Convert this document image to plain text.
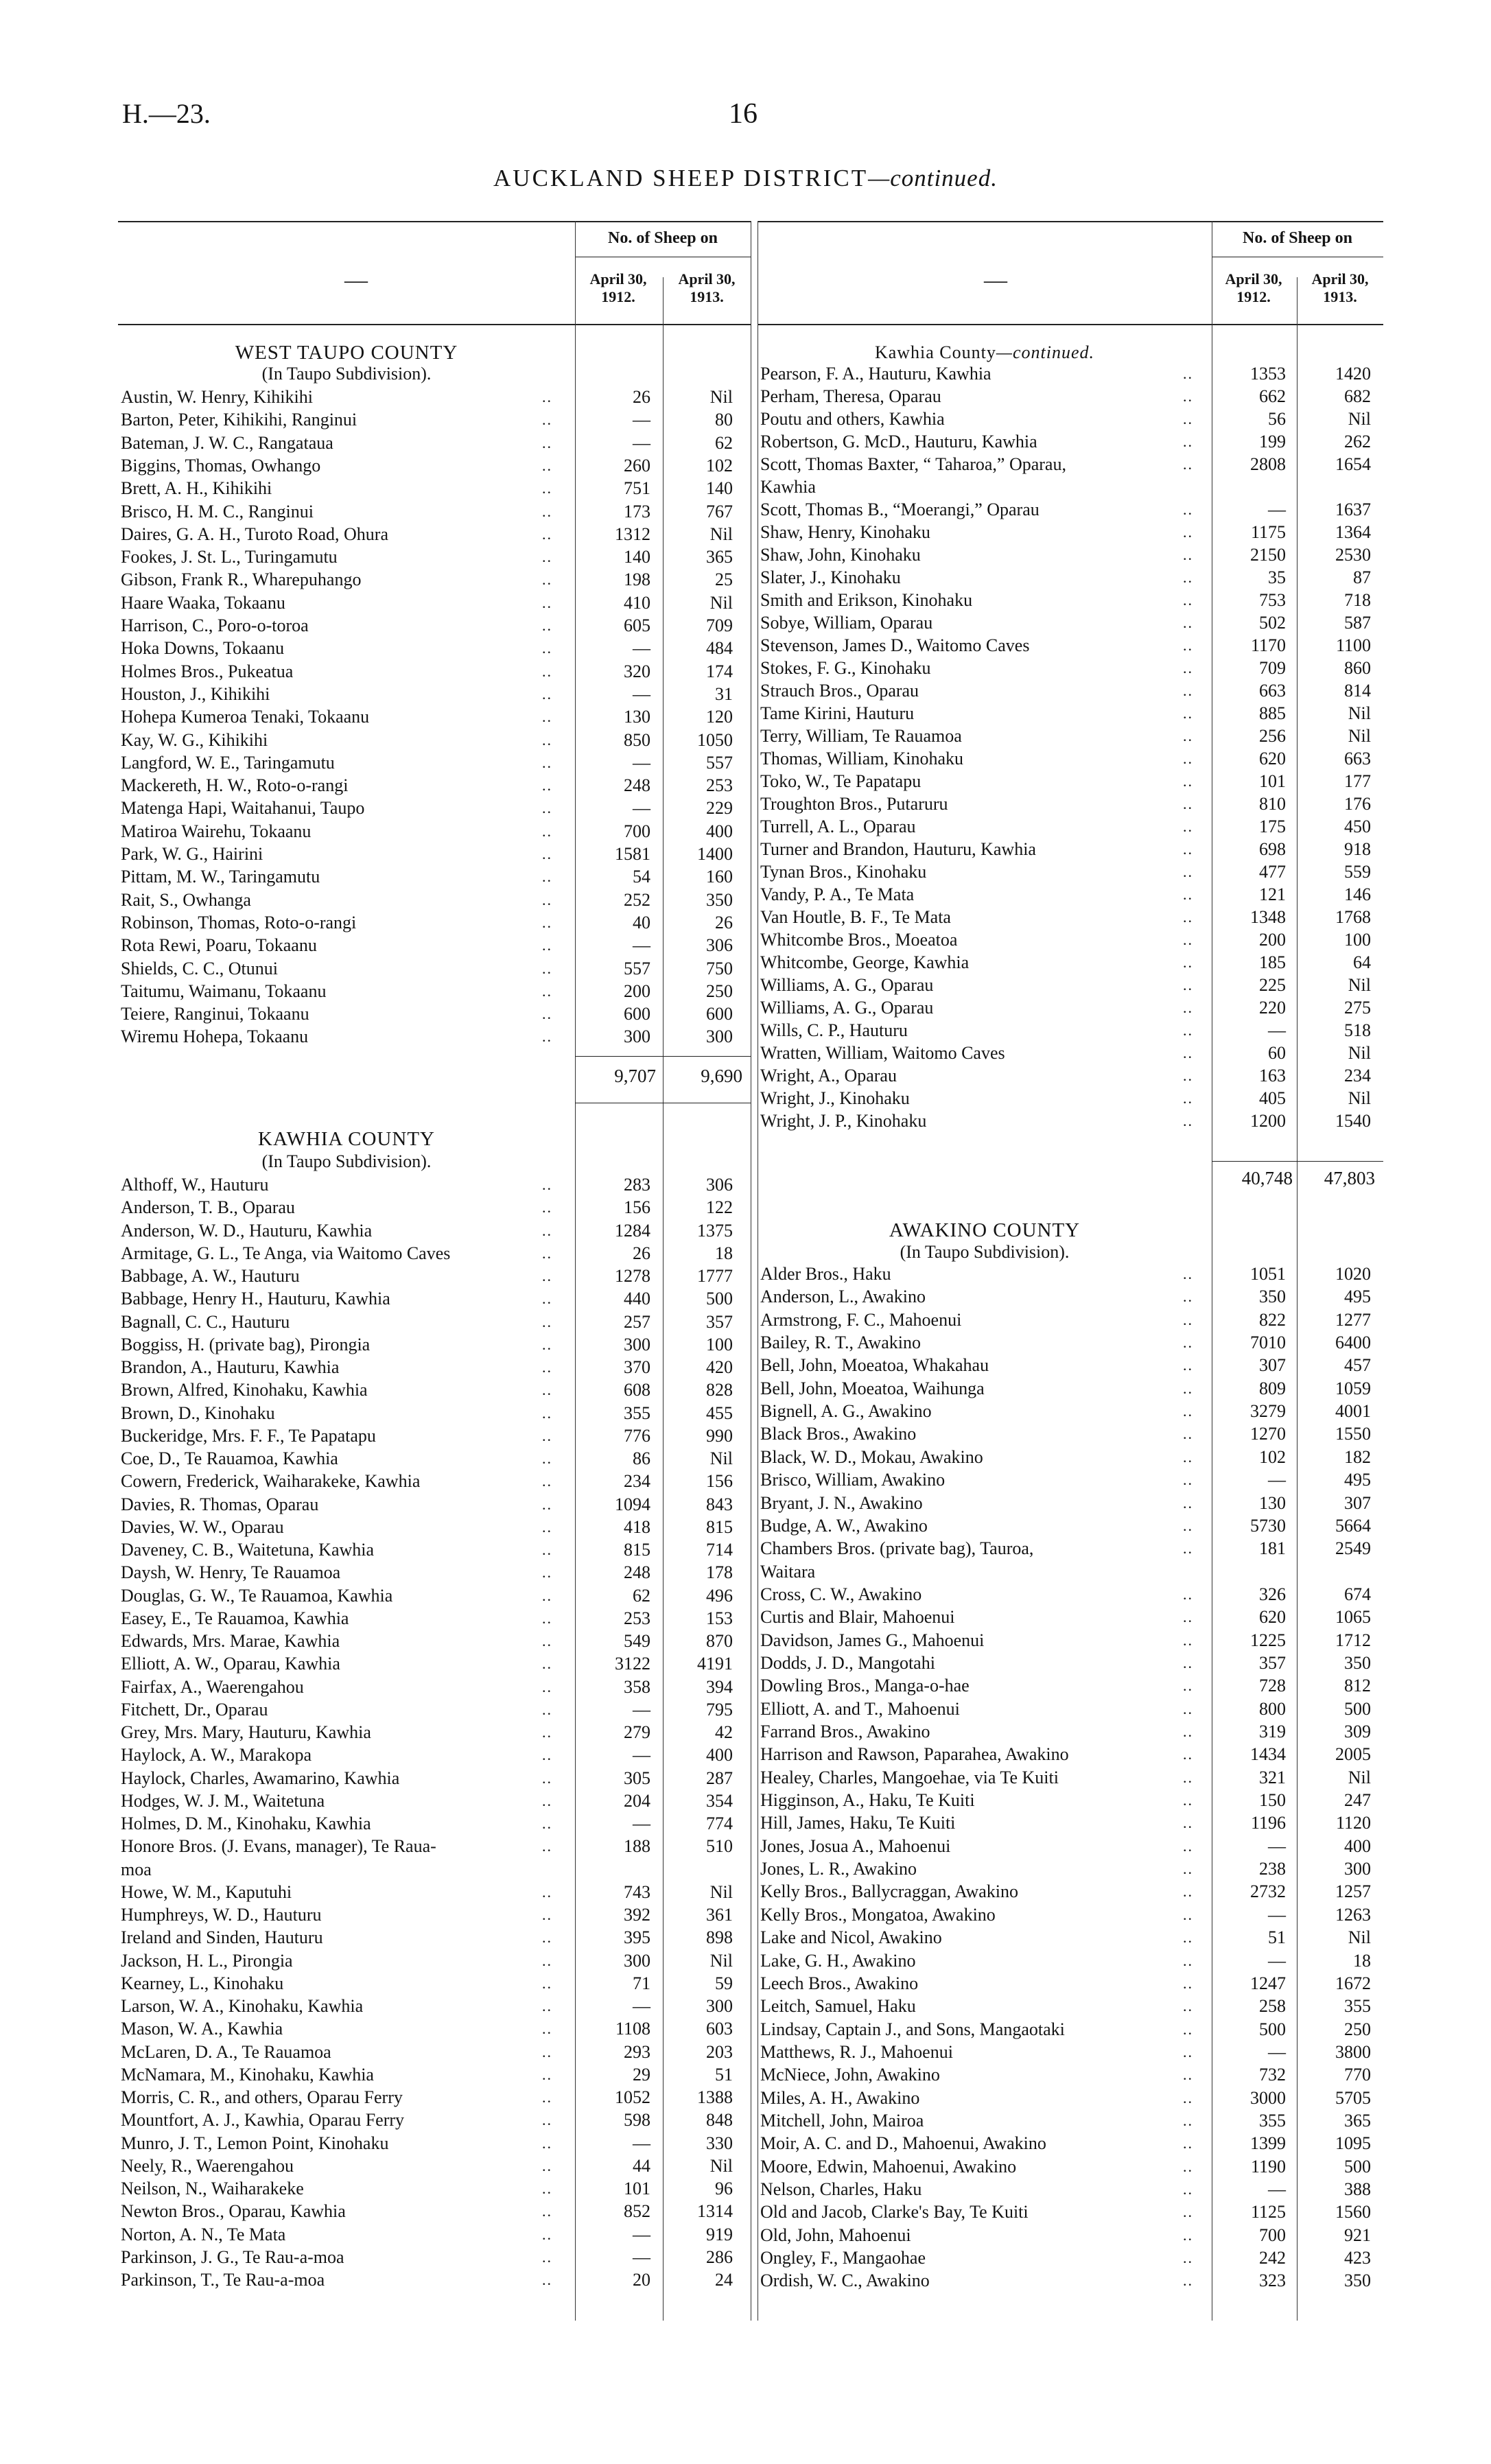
H.—23.	16
AUCKLAND SHEEP DISTRICT—continued.
—
No. of Sheep on
April 30,
1912.
April 30,
1913.
WEST TAUPO COUNTY
(In Taupo Subdivision).
Austin, W. Henry, Kihikihi	..	26	Nil
Barton, Peter, Kihikihi, Ranginui	..	—	80
Bateman, J. W. C., Rangataua	..	—	62
Biggins, Thomas, Owhango	..	260	102
Brett, A. H., Kihikihi	..	751	140
Brisco, H. M. C., Ranginui	..	173	767
Daires, G. A. H., Turoto Road, Ohura	..	1312	Nil
Fookes, J. St. L., Turingamutu	..	140	365
Gibson, Frank R., Wharepuhango	..	198	25
Haare Waaka, Tokaanu	..	410	Nil
Harrison, C., Poro-o-toroa	..	605	709
Hoka Downs, Tokaanu	..	—	484
Holmes Bros., Pukeatua	..	320	174
Houston, J., Kihikihi	..	—	31
Hohepa Kumeroa Tenaki, Tokaanu	..	130	120
Kay, W. G., Kihikihi	..	850	1050
Langford, W. E., Taringamutu	..	—	557
Mackereth, H. W., Roto-o-rangi	..	248	253
Matenga Hapi, Waitahanui, Taupo	..	—	229
Matiroa Wairehu, Tokaanu	..	700	400
Park, W. G., Hairini	..	1581	1400
Pittam, M. W., Taringamutu	..	54	160
Rait, S., Owhanga	..	252	350
Robinson, Thomas, Roto-o-rangi	..	40	26
Rota Rewi, Poaru, Tokaanu	..	—	306
Shields, C. C., Otunui	..	557	750
Taitumu, Waimanu, Tokaanu	..	200	250
Teiere, Ranginui, Tokaanu	..	600	600
Wiremu Hohepa, Tokaanu	..	300	300
9,707	9,690
KAWHIA COUNTY
(In Taupo Subdivision).
Althoff, W., Hauturu	..	283	306
Anderson, T. B., Oparau	..	156	122
Anderson, W. D., Hauturu, Kawhia	..	1284	1375
Armitage, G. L., Te Anga, via Waitomo Caves	..	26	18
Babbage, A. W., Hauturu	..	1278	1777
Babbage, Henry H., Hauturu, Kawhia	..	440	500
Bagnall, C. C., Hauturu	..	257	357
Boggiss, H. (private bag), Pirongia	..	300	100
Brandon, A., Hauturu, Kawhia	..	370	420
Brown, Alfred, Kinohaku, Kawhia	..	608	828
Brown, D., Kinohaku	..	355	455
Buckeridge, Mrs. F. F., Te Papatapu	..	776	990
Coe, D., Te Rauamoa, Kawhia	..	86	Nil
Cowern, Frederick, Waiharakeke, Kawhia	..	234	156
Davies, R. Thomas, Oparau	..	1094	843
Davies, W. W., Oparau	..	418	815
Daveney, C. B., Waitetuna, Kawhia	..	815	714
Daysh, W. Henry, Te Rauamoa	..	248	178
Douglas, G. W., Te Rauamoa, Kawhia	..	62	496
Easey, E., Te Rauamoa, Kawhia	..	253	153
Edwards, Mrs. Marae, Kawhia	..	549	870
Elliott, A. W., Oparau, Kawhia	..	3122	4191
Fairfax, A., Waerengahou	..	358	394
Fitchett, Dr., Oparau	..	—	795
Grey, Mrs. Mary, Hauturu, Kawhia	..	279	42
Haylock, A. W., Marakopa	..	—	400
Haylock, Charles, Awamarino, Kawhia	..	305	287
Hodges, W. J. M., Waitetuna	..	204	354
Holmes, D. M., Kinohaku, Kawhia	..	—	774
Honore Bros. (J. Evans, manager), Te Raua-	..	188	510
moa
Howe, W. M., Kaputuhi	..	743	Nil
Humphreys, W. D., Hauturu	..	392	361
Ireland and Sinden, Hauturu	..	395	898
Jackson, H. L., Pirongia	..	300	Nil
Kearney, L., Kinohaku	..	71	59
Larson, W. A., Kinohaku, Kawhia	..	—	300
Mason, W. A., Kawhia	..	1108	603
McLaren, D. A., Te Rauamoa	..	293	203
McNamara, M., Kinohaku, Kawhia	..	29	51
Morris, C. R., and others, Oparau Ferry	..	1052	1388
Mountfort, A. J., Kawhia, Oparau Ferry	..	598	848
Munro, J. T., Lemon Point, Kinohaku	..	—	330
Neely, R., Waerengahou	..	44	Nil
Neilson, N., Waiharakeke	..	101	96
Newton Bros., Oparau, Kawhia	..	852	1314
Norton, A. N., Te Mata	..	—	919
Parkinson, J. G., Te Rau-a-moa	..	—	286
Parkinson, T., Te Rau-a-moa	..	20	24
—
No. of Sheep on
April 30,
1912.
April 30,
1913.
Kawhia County—continued.
Pearson, F. A., Hauturu, Kawhia	..	1353	1420
Perham, Theresa, Oparau	..	662	682
Poutu and others, Kawhia	..	56	Nil
Robertson, G. McD., Hauturu, Kawhia	..	199	262
Scott, Thomas Baxter, “ Taharoa,” Oparau,	..	2808	1654
Kawhia
Scott, Thomas B., “Moerangi,” Oparau	..	—	1637
Shaw, Henry, Kinohaku	..	1175	1364
Shaw, John, Kinohaku	..	2150	2530
Slater, J., Kinohaku	..	35	87
Smith and Erikson, Kinohaku	..	753	718
Sobye, William, Oparau	..	502	587
Stevenson, James D., Waitomo Caves	..	1170	1100
Stokes, F. G., Kinohaku	..	709	860
Strauch Bros., Oparau	..	663	814
Tame Kirini, Hauturu	..	885	Nil
Terry, William, Te Rauamoa	..	256	Nil
Thomas, William, Kinohaku	..	620	663
Toko, W., Te Papatapu	..	101	177
Troughton Bros., Putaruru	..	810	176
Turrell, A. L., Oparau	..	175	450
Turner and Brandon, Hauturu, Kawhia	..	698	918
Tynan Bros., Kinohaku	..	477	559
Vandy, P. A., Te Mata	..	121	146
Van Houtle, B. F., Te Mata	..	1348	1768
Whitcombe Bros., Moeatoa	..	200	100
Whitcombe, George, Kawhia	..	185	64
Williams, A. G., Oparau	..	225	Nil
Williams, A. G., Oparau	..	220	275
Wills, C. P., Hauturu	..	—	518
Wratten, William, Waitomo Caves	..	60	Nil
Wright, A., Oparau	..	163	234
Wright, J., Kinohaku	..	405	Nil
Wright, J. P., Kinohaku	..	1200	1540
40,748	47,803
AWAKINO COUNTY
(In Taupo Subdivision).
Alder Bros., Haku	..	1051	1020
Anderson, L., Awakino	..	350	495
Armstrong, F. C., Mahoenui	..	822	1277
Bailey, R. T., Awakino	..	7010	6400
Bell, John, Moeatoa, Whakahau	..	307	457
Bell, John, Moeatoa, Waihunga	..	809	1059
Bignell, A. G., Awakino	..	3279	4001
Black Bros., Awakino	..	1270	1550
Black, W. D., Mokau, Awakino	..	102	182
Brisco, William, Awakino	..	—	495
Bryant, J. N., Awakino	..	130	307
Budge, A. W., Awakino	..	5730	5664
Chambers Bros. (private bag), Tauroa,	..	181	2549
Waitara
Cross, C. W., Awakino	..	326	674
Curtis and Blair, Mahoenui	..	620	1065
Davidson, James G., Mahoenui	..	1225	1712
Dodds, J. D., Mangotahi	..	357	350
Dowling Bros., Manga-o-hae	..	728	812
Elliott, A. and T., Mahoenui	..	800	500
Farrand Bros., Awakino	..	319	309
Harrison and Rawson, Paparahea, Awakino	..	1434	2005
Healey, Charles, Mangoehae, via Te Kuiti	..	321	Nil
Higginson, A., Haku, Te Kuiti	..	150	247
Hill, James, Haku, Te Kuiti	..	1196	1120
Jones, Josua A., Mahoenui	..	—	400
Jones, L. R., Awakino	..	238	300
Kelly Bros., Ballycraggan, Awakino	..	2732	1257
Kelly Bros., Mongatoa, Awakino	..	—	1263
Lake and Nicol, Awakino	..	51	Nil
Lake, G. H., Awakino	..	—	18
Leech Bros., Awakino	..	1247	1672
Leitch, Samuel, Haku	..	258	355
Lindsay, Captain J., and Sons, Mangaotaki	..	500	250
Matthews, R. J., Mahoenui	..	—	3800
McNiece, John, Awakino	..	732	770
Miles, A. H., Awakino	..	3000	5705
Mitchell, John, Mairoa	..	355	365
Moir, A. C. and D., Mahoenui, Awakino	..	1399	1095
Moore, Edwin, Mahoenui, Awakino	..	1190	500
Nelson, Charles, Haku	..	—	388
Old and Jacob, Clarke's Bay, Te Kuiti	..	1125	1560
Old, John, Mahoenui	..	700	921
Ongley, F., Mangaohae	..	242	423
Ordish, W. C., Awakino	..	323	350
